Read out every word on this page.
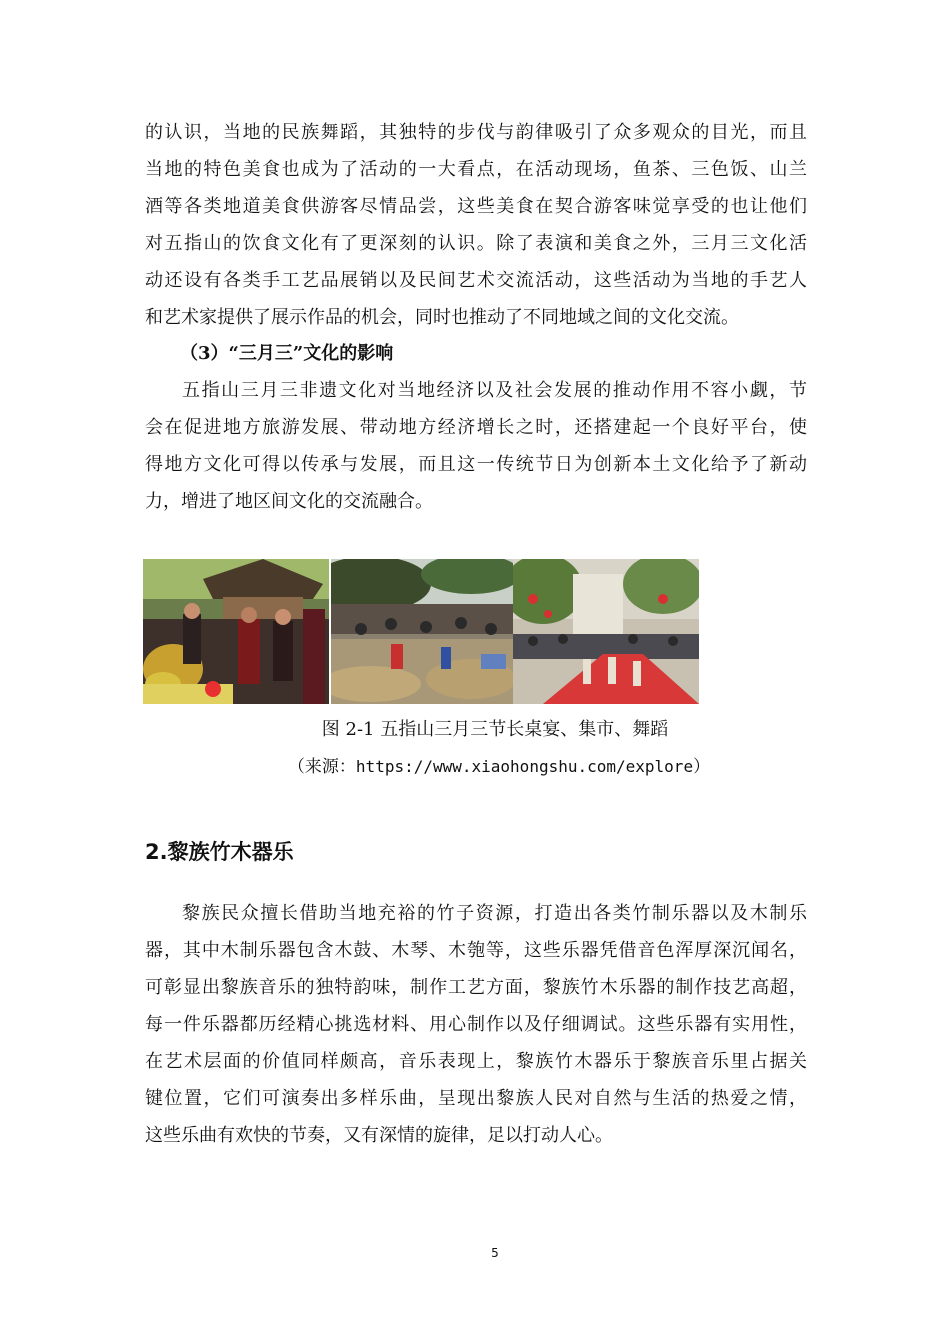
的认识，当地的民族舞蹈，其独特的步伐与韵律吸引了众多观众的目光，而且
当地的特色美食也成为了活动的一大看点，在活动现场，鱼茶、三色饭、山兰
酒等各类地道美食供游客尽情品尝，这些美食在契合游客味觉享受的也让他们
对五指山的饮食文化有了更深刻的认识。除了表演和美食之外，三月三文化活
动还设有各类手工艺品展销以及民间艺术交流活动，这些活动为当地的手艺人
和艺术家提供了展示作品的机会，同时也推动了不同地域之间的文化交流。

（3）“三月三”文化的影响

五指山三月三非遗文化对当地经济以及社会发展的推动作用不容小觑，节
会在促进地方旅游发展、带动地方经济增长之时，还搭建起一个良好平台，使
得地方文化可得以传承与发展，而且这一传统节日为创新本土文化给予了新动
力，增进了地区间文化的交流融合。

图 2-1 五指山三月三节长桌宴、集市、舞蹈

（来源：https://www.xiaohongshu.com/explore）

2.黎族竹木器乐
黎族民众擅长借助当地充裕的竹子资源，打造出各类竹制乐器以及木制乐
器，其中木制乐器包含木鼓、木琴、木匏等，这些乐器凭借音色浑厚深沉闻名，
可彰显出黎族音乐的独特韵味，制作工艺方面，黎族竹木乐器的制作技艺高超，
每一件乐器都历经精心挑选材料、用心制作以及仔细调试。这些乐器有实用性，
在艺术层面的价值同样颇高，音乐表现上，黎族竹木器乐于黎族音乐里占据关
键位置，它们可演奏出多样乐曲，呈现出黎族人民对自然与生活的热爱之情，
这些乐曲有欢快的节奏，又有深情的旋律，足以打动人心。

5
